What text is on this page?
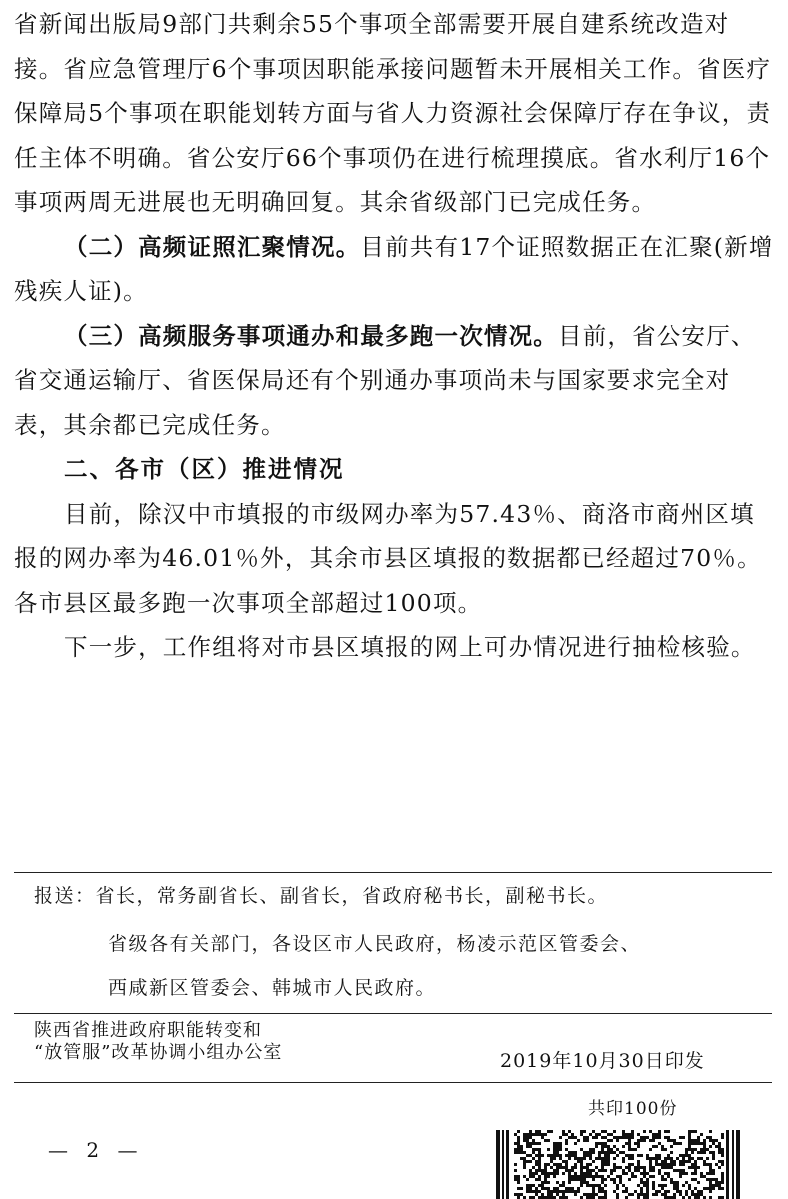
省新闻出版局9部门共剩余55个事项全部需要开展自建系统改造对接。省应急管理厅6个事项因职能承接问题暂未开展相关工作。省医疗保障局5个事项在职能划转方面与省人力资源社会保障厅存在争议，责任主体不明确。省公安厅66个事项仍在进行梳理摸底。省水利厅16个事项两周无进展也无明确回复。其余省级部门已完成任务。

（二）高频证照汇聚情况。目前共有17个证照数据正在汇聚(新增残疾人证)。

（三）高频服务事项通办和最多跑一次情况。目前，省公安厅、省交通运输厅、省医保局还有个别通办事项尚未与国家要求完全对表，其余都已完成任务。

二、各市（区）推进情况

目前，除汉中市填报的市级网办率为57.43％、商洛市商州区填报的网办率为46.01％外，其余市县区填报的数据都已经超过70％。各市县区最多跑一次事项全部超过100项。

下一步，工作组将对市县区填报的网上可办情况进行抽检核验。

报送：省长，常务副省长、副省长，省政府秘书长，副秘书长。
省级各有关部门，各设区市人民政府，杨凌示范区管委会、
西咸新区管委会、韩城市人民政府。
陕西省推进政府职能转变和
“放管服”改革协调小组办公室	2019年10月30日印发
共印100份
— 2 —
